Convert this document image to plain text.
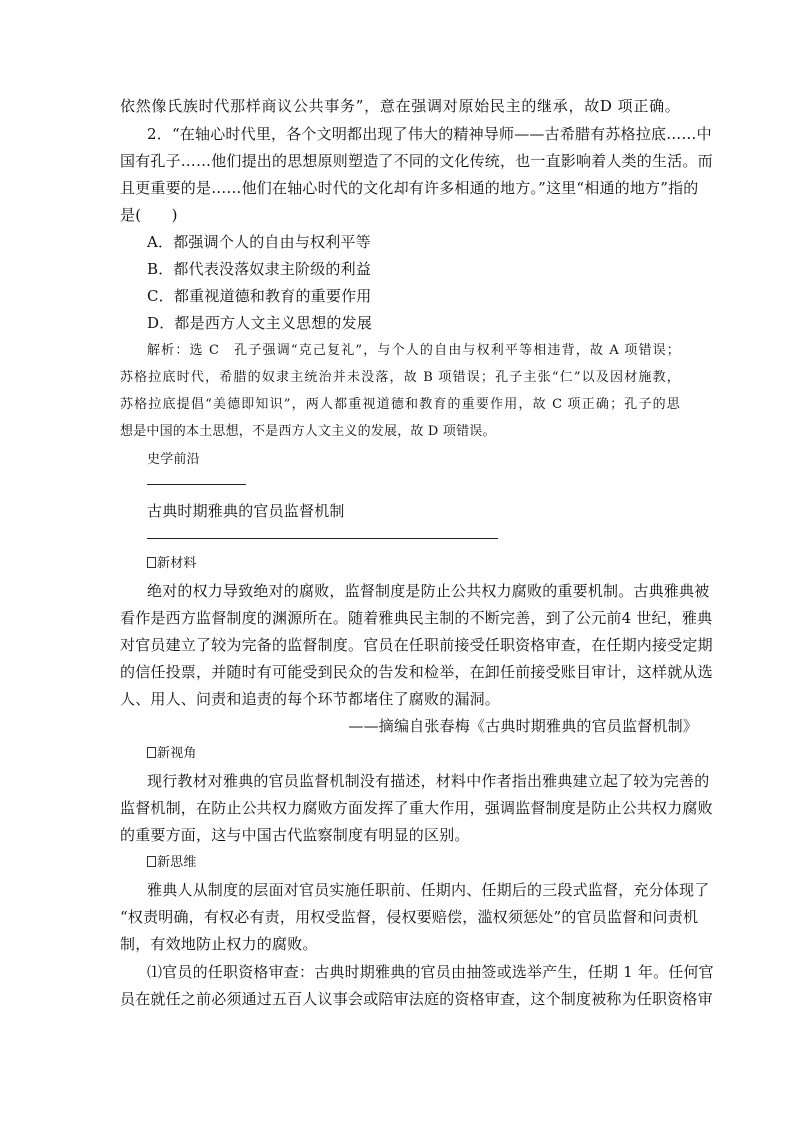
依然像氏族时代那样商议公共事务”，意在强调对原始民主的继承，故D 项正确。
2．“在轴心时代里，各个文明都出现了伟大的精神导师——古希腊有苏格拉底……中
国有孔子……他们提出的思想原则塑造了不同的文化传统，也一直影响着人类的生活。而
且更重要的是……他们在轴心时代的文化却有许多相通的地方。”这里“相通的地方”指的
是(　　)
A．都强调个人的自由与权利平等
B．都代表没落奴隶主阶级的利益
C．都重视道德和教育的重要作用
D．都是西方人文主义思想的发展
解析：选 C　孔子强调“克己复礼”，与个人的自由与权利平等相违背，故 A 项错误；
苏格拉底时代，希腊的奴隶主统治并未没落，故 B 项错误；孔子主张“仁”以及因材施教，
苏格拉底提倡“美德即知识”，两人都重视道德和教育的重要作用，故 C 项正确；孔子的思
想是中国的本土思想，不是西方人文主义的发展，故 D 项错误。
史学前沿
古典时期雅典的官员监督机制
新材料
绝对的权力导致绝对的腐败，监督制度是防止公共权力腐败的重要机制。古典雅典被
看作是西方监督制度的渊源所在。随着雅典民主制的不断完善，到了公元前4 世纪，雅典
对官员建立了较为完备的监督制度。官员在任职前接受任职资格审查，在任期内接受定期
的信任投票，并随时有可能受到民众的告发和检举，在卸任前接受账目审计，这样就从选
人、用人、问责和追责的每个环节都堵住了腐败的漏洞。
——摘编自张春梅《古典时期雅典的官员监督机制》
新视角
现行教材对雅典的官员监督机制没有描述，材料中作者指出雅典建立起了较为完善的
监督机制，在防止公共权力腐败方面发挥了重大作用，强调监督制度是防止公共权力腐败
的重要方面，这与中国古代监察制度有明显的区别。
新思维
雅典人从制度的层面对官员实施任职前、任期内、任期后的三段式监督，充分体现了
“权责明确，有权必有责，用权受监督，侵权要赔偿，滥权须惩处”的官员监督和问责机
制，有效地防止权力的腐败。
⑴官员的任职资格审查：古典时期雅典的官员由抽签或选举产生，任期 1 年。任何官
员在就任之前必须通过五百人议事会或陪审法庭的资格审查，这个制度被称为任职资格审
